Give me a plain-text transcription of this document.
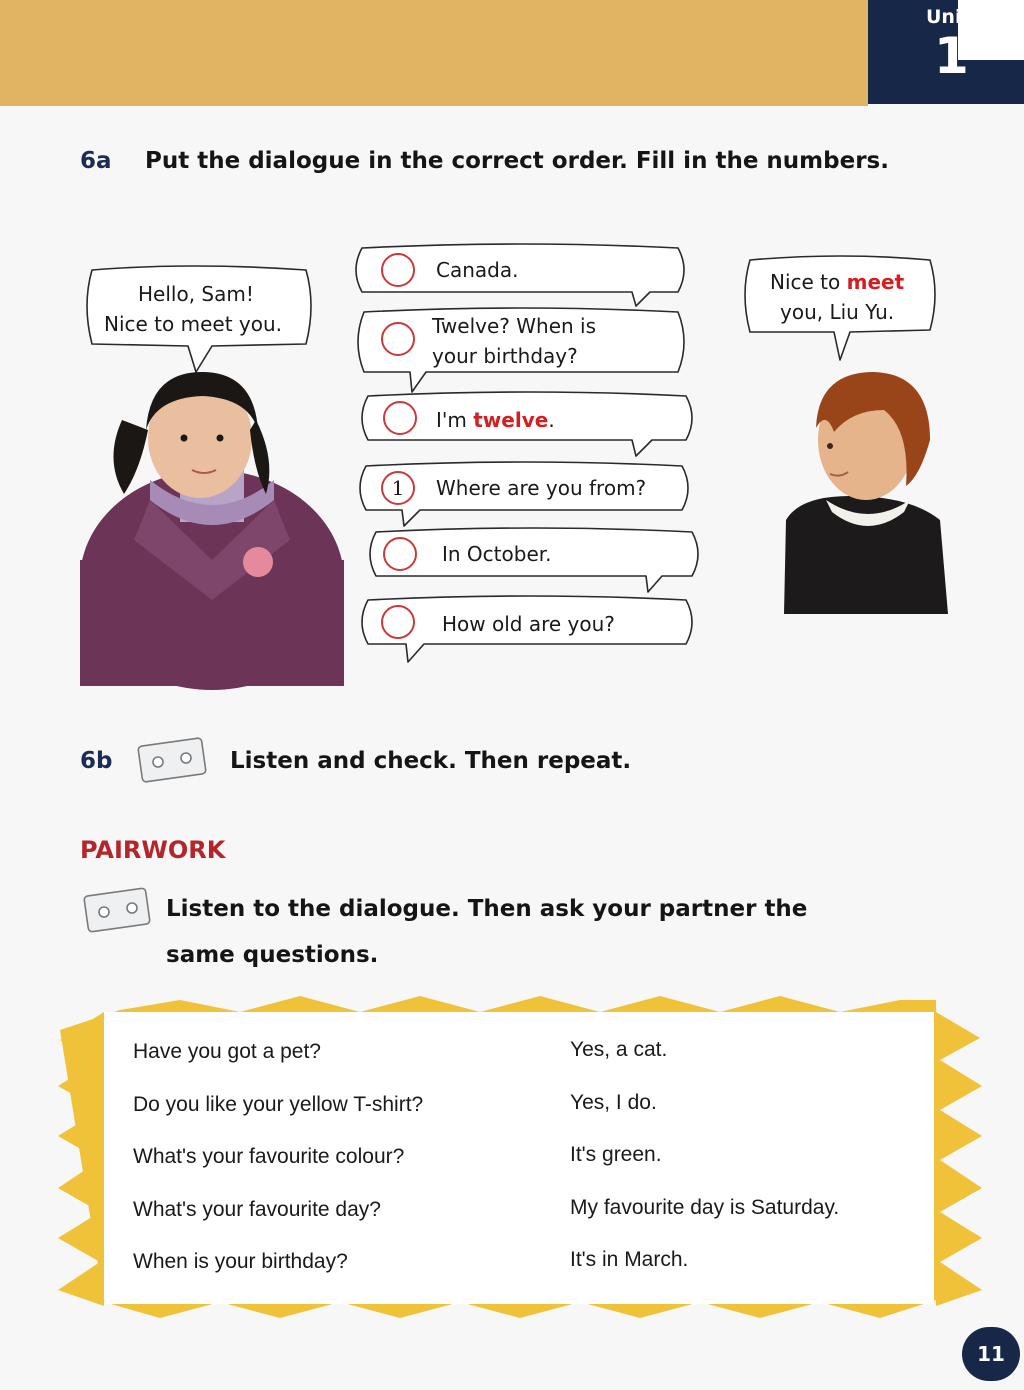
Uni
1
6a Put the dialogue in the correct order. Fill in the numbers.
Hello, Sam!
Nice to meet you.
Nice to meet
you, Liu Yu.
Canada.
Twelve? When is
your birthday?
I'm twelve.
1	Where are you from?
In October.
How old are you?
6b	Listen and check. Then repeat.
PAIRWORK
Listen to the dialogue. Then ask your partner the
same questions.
Have you got a pet?	Yes, a cat.
Do you like your yellow T-shirt?	Yes, I do.
What's your favourite colour?	It's green.
What's your favourite day?	My favourite day is Saturday.
When is your birthday?	It's in March.
11
